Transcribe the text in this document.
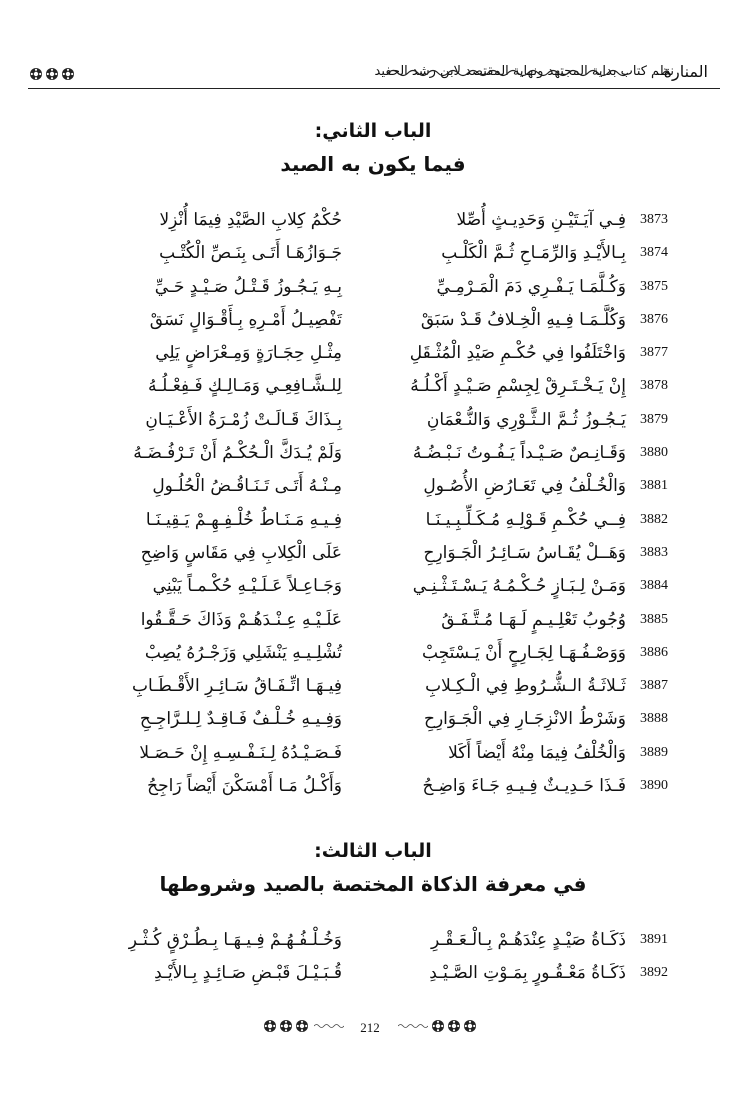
نظم كتاب بداية المجتهد ونهاية المقتصد لابن رشد الحفيد
المنارة
الباب الثاني:
فيما يكون به الصيد
3873
فِـي آيَـتَيْـنِ وَحَدِيـثٍ أُصِّلا
حُكْمُ كِلابِ الصَّيْدِ فِيمَا أُنْزِلا
3874
بِـالأَيْـدِ وَالرِّمَـاحِ ثُـمَّ الْكَلْـبِ
جَـوَازُهَـا أَتَـى بِنَـصِّ الْكُتْـبِ
3875
وَكُـلَّمَـا يَـفْـرِي دَمَ الْمَـرْمِـيِّ
بِـهِ يَـجُـوزُ قَـتْـلُ صَـيْـدٍ حَـيِّ
3876
وَكُلَّـمَـا فِـيهِ الْخِـلافُ قَـدْ سَبَقْ
تَفْصِيـلُ أَمْـرِهِ بِـأَقْـوَالٍ نَسَقْ
3877
وَاخْتَلَفُوا فِي حُكْـمِ صَيْدِ الْمُثْـقَلِ
مِثْـلِ حِجَـارَةٍ وَمِـعْرَاضٍ يَلِي
3878
إِنْ يَـخْـتَـرِقْ لِجِسْمِ صَـيْـدٍ أَكْـلُـهُ
لِلـشَّـافِعِـي وَمَـالِـكٍ فَـفِعْـلُـهُ
3879
يَـجُـوزُ ثُـمَّ الـثَّـوْرِي وَالنُّـعْمَانِ
بِـذَاكَ قَـالَـتْ زُمْـرَةُ الأَعْـيَـانِ
3880
وَقَـانِـصٌ صَـيْـداً يَـفُـوتُ نَـبْـضُـهُ
وَلَمْ يُـدَكَّ الْـحُكْـمُ أَنْ تَـرْفُـضَـهُ
3881
وَالْخُـلْفُ فِي تَعَـارُضِ الأُصُـولِ
مِـنْـهُ أَتَـى تَـنَـاقُـضُ الْحُلُـولِ
3882
فِــي حُكْـمِ قَـوْلِـهِ مُـكَـلِّـبِـيـنَـا
فِـيـهِ مَـنَـاطُ خُلْـفِـهِـمْ يَـقِيـنَـا
3883
وَهَــلْ يُقَـاسُ سَـائِـرُ الْجَـوَارِحِ
عَلَى الْكِلابِ فِي مَقَاسٍ وَاضِحِ
3884
وَمَـنْ لِـبَـازٍ حُـكْـمُـهُ يَـسْـتَـثْـنِـي
وَجَـاعِـلاً عَـلَـيْـهِ حُكْـمـاً يَبْنِي
3885
وُجُوبُ تَعْلِـيـمٍ لَـهَـا مُـتَّـفَـقُ
عَلَـيْـهِ عِـنْـدَهُـمْ وَذَاكَ حَـقَّـقُوا
3886
وَوَصْـفُـهَـا لِجَـارِحٍ أَنْ يَـسْتَجِبْ
تُشْلِـيـهِ يَنْشَلِي وَزَجْـرُهُ يُصِبْ
3887
ثَـلاثَـةُ الـشُّـرُوطِ فِي الْـكِـلابِ
فِيـهَـا اتِّـفَـاقُ سَـائِـرِ الأَقْـطَـابِ
3888
وَشَرْطُ الانْزِجَـارِ فِي الْجَـوَارِحِ
وَفِـيـهِ خُـلْـفٌ فَـاقِـدٌ لِـلـرَّاجِـحِ
3889
وَالْخُلْفُ فِيمَا مِنْهُ أَيْضاً أَكَلا
فَـصَـيْـدُهُ لِـنَـفْـسِـهِ إِنْ حَـصَـلا
3890
فَـذَا حَـدِيـثٌ فِـيـهِ جَـاءَ وَاضِـحُ
وَأَكْـلُ مَـا أَمْسَكْنَ أَيْضاً رَاجِحُ
الباب الثالث:
في معرفة الذكاة المختصة بالصيد وشروطها
3891
ذَكَـاةُ صَيْـدٍ عِنْدَهُـمْ بِـالْـعَـقْـرِ
وَخُـلْـفُـهُـمْ فِـيـهَـا بِـطُـرْقٍ كُـثْـرِ
3892
ذَكَـاةُ مَعْـقُـورٍ بِمَـوْتِ الصَّـيْـدِ
قُـبَـيْـلَ قَبْـضِ صَـائِـدٍ بِـالأَيْـدِ
212
